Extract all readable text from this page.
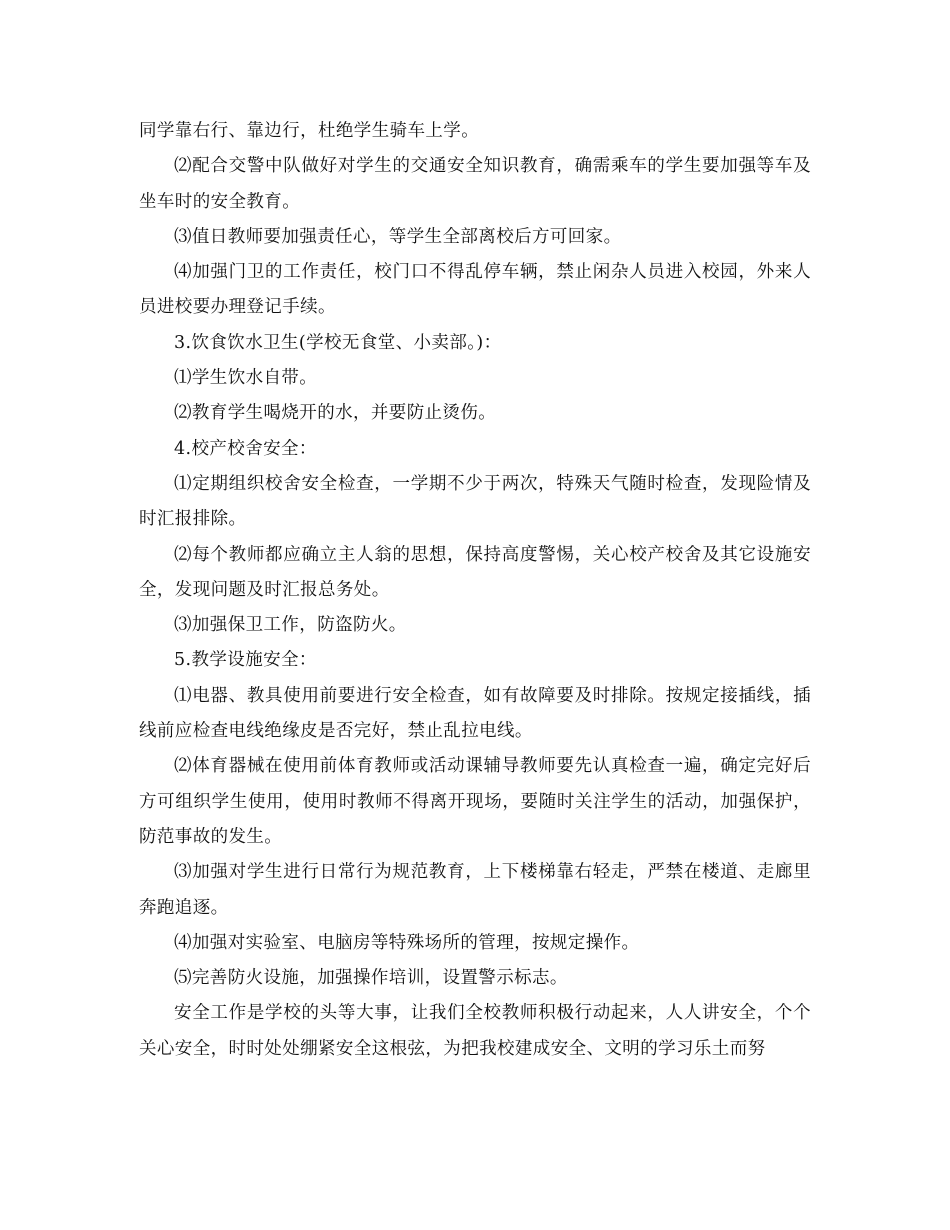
同学靠右行、靠边行，杜绝学生骑车上学。

⑵配合交警中队做好对学生的交通安全知识教育，确需乘车的学生要加强等车及坐车时的安全教育。

⑶值日教师要加强责任心，等学生全部离校后方可回家。

⑷加强门卫的工作责任，校门口不得乱停车辆，禁止闲杂人员进入校园，外来人员进校要办理登记手续。

3.饮食饮水卫生(学校无食堂、小卖部。)：

⑴学生饮水自带。

⑵教育学生喝烧开的水，并要防止烫伤。

4.校产校舍安全：

⑴定期组织校舍安全检查，一学期不少于两次，特殊天气随时检查，发现险情及时汇报排除。

⑵每个教师都应确立主人翁的思想，保持高度警惕，关心校产校舍及其它设施安全，发现问题及时汇报总务处。

⑶加强保卫工作，防盗防火。

5.教学设施安全：

⑴电器、教具使用前要进行安全检查，如有故障要及时排除。按规定接插线，插线前应检查电线绝缘皮是否完好，禁止乱拉电线。

⑵体育器械在使用前体育教师或活动课辅导教师要先认真检查一遍，确定完好后方可组织学生使用，使用时教师不得离开现场，要随时关注学生的活动，加强保护，防范事故的发生。

⑶加强对学生进行日常行为规范教育，上下楼梯靠右轻走，严禁在楼道、走廊里奔跑追逐。

⑷加强对实验室、电脑房等特殊场所的管理，按规定操作。

⑸完善防火设施，加强操作培训，设置警示标志。

安全工作是学校的头等大事，让我们全校教师积极行动起来，人人讲安全，个个关心安全，时时处处绷紧安全这根弦，为把我校建成安全、文明的学习乐土而努
